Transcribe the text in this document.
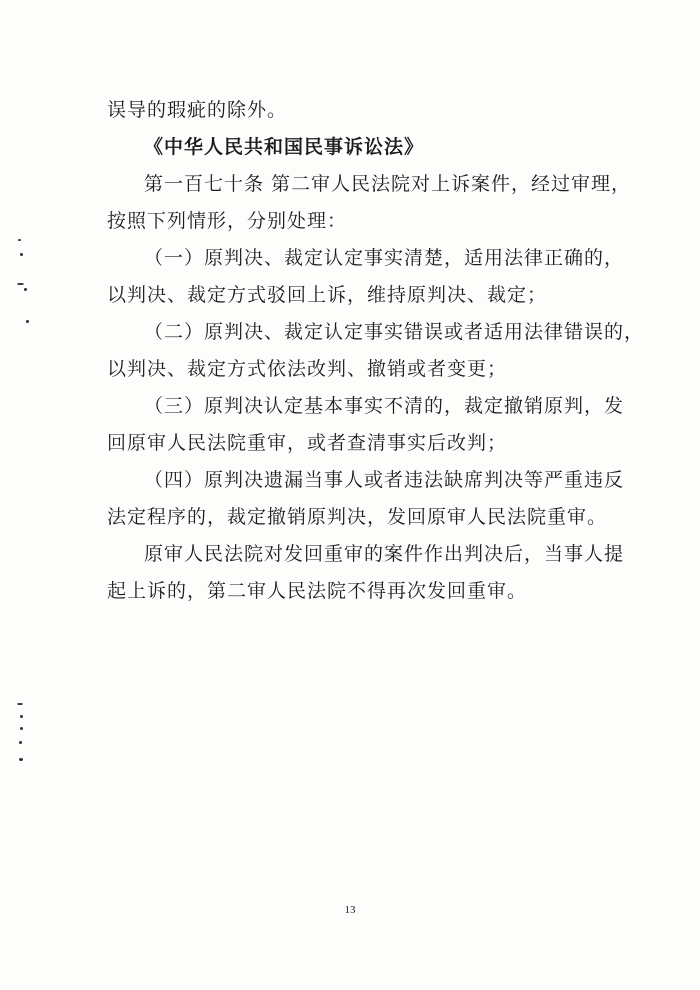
误导的瑕疵的除外。
《中华人民共和国民事诉讼法》
第一百七十条 第二审人民法院对上诉案件，经过审理，
按照下列情形，分别处理：
（一）原判决、裁定认定事实清楚，适用法律正确的，
以判决、裁定方式驳回上诉，维持原判决、裁定；
（二）原判决、裁定认定事实错误或者适用法律错误的，
以判决、裁定方式依法改判、撤销或者变更；
（三）原判决认定基本事实不清的，裁定撤销原判，发
回原审人民法院重审，或者查清事实后改判；
（四）原判决遗漏当事人或者违法缺席判决等严重违反
法定程序的，裁定撤销原判决，发回原审人民法院重审。
原审人民法院对发回重审的案件作出判决后，当事人提
起上诉的，第二审人民法院不得再次发回重审。
13
